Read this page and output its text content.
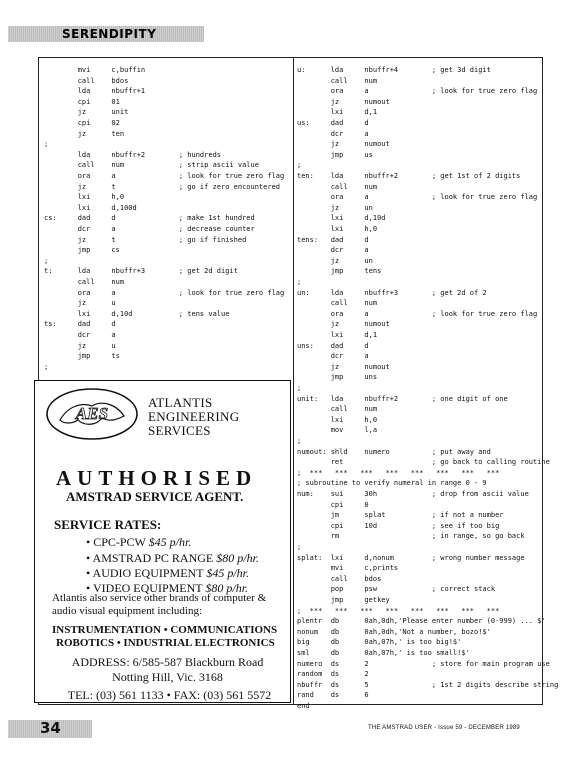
SERENDIPITY
mvi     c,buffin
call    bdos
lda     nbuffr+1
cpi     01
jz      unit
cpi     02
jz      ten
;
lda     nbuffr+2        ; hundreds
call    num             ; strip ascii value
ora     a               ; look for true zero flag
jz      t               ; go if zero encountered
lxi     h,0
lxi     d,100d
cs:     dad     d               ; make 1st hundred
dcr     a               ; decrease counter
jz      t               ; go if finished
jmp     cs
;
t:      lda     nbuffr+3        ; get 2d digit
call    num
ora     a               ; look for true zero flag
jz      u
lxi     d,10d           ; tens value
ts:     dad     d
dcr     a
jz      u
jmp     ts
;
u:      lda     nbuffr+4        ; get 3d digit
call    num
ora     a               ; look for true zero flag
jz      numout
lxi     d,1
us:     dad     d
dcr     a
jz      numout
jmp     us
;
ten:    lda     nbuffr+2        ; get 1st of 2 digits
call    num
ora     a               ; look for true zero flag
jz      un
lxi     d,10d
lxi     h,0
tens:   dad     d
dcr     a
jz      un
jmp     tens
;
un:     lda     nbuffr+3        ; get 2d of 2
call    num
ora     a               ; look for true zero flag
jz      numout
lxi     d,1
uns:    dad     d
dcr     a
jz      numout
jmp     uns
;
unit:   lda     nbuffr+2        ; one digit of one
call    num
lxi     h,0
mov     l,a
;
numout: shld    numero          ; put away and
ret                     ; go back to calling routine
;  ***   ***   ***   ***   ***   ***   ***   ***
; subroutine to verify numeral in range 0 - 9
num:    sui     30h             ; drop from ascii value
cpi     0
jm      splat           ; if not a number
cpi     10d             ; see if too big
rm                      ; in range, so go back
;
splat:  lxi     d,nonum         ; wrong number message
mvi     c,prints
call    bdos
pop     psw             ; correct stack
jmp     getkey
;  ***   ***   ***   ***   ***   ***   ***   ***
plentr  db      0ah,0dh,'Please enter number (0-999) ... $'
nonum   db      0ah,0dh,'Not a number, bozo!$'
big     db      0ah,07h,' is too big!$'
sml     db      0ah,07h,' is too small!$'
numero  ds      2               ; store for main program use
random  ds      2
nbuffr  ds      5               ; 1st 2 digits describe string
rand    ds      6
end
AES
ATLANTIS
ENGINEERING
SERVICES
AUTHORISED
AMSTRAD SERVICE AGENT.
SERVICE RATES:
• CPC-PCW $45 p/hr.
• AMSTRAD PC RANGE $80 p/hr.
• AUDIO EQUIPMENT $45 p/hr.
• VIDEO EQUIPMENT $80 p/hr.
Atlantis also service other brands of computer & audio visual equipment including:
INSTRUMENTATION • COMMUNICATIONS
ROBOTICS • INDUSTRIAL ELECTRONICS
ADDRESS: 6/585-587 Blackburn Road
Notting Hill, Vic. 3168
TEL: (03) 561 1133 • FAX: (03) 561 5572
34	THE AMSTRAD USER - Issue 59 - DECEMBER 1989
